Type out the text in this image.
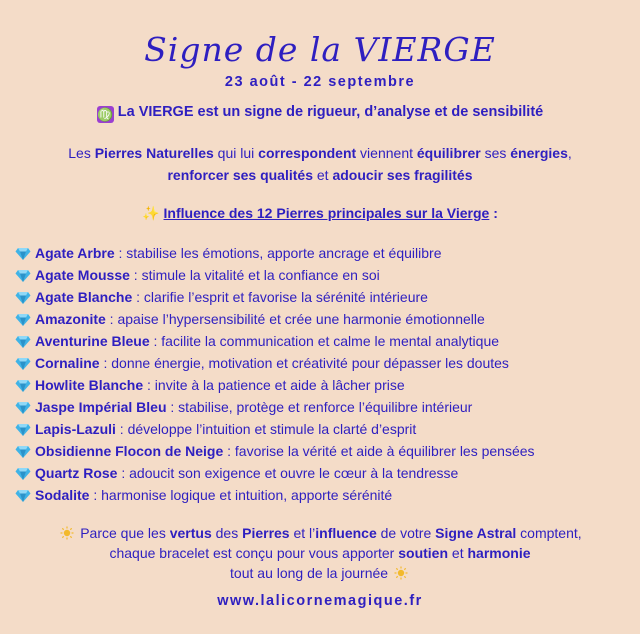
Signe de la VIERGE
23 août - 22 septembre
♍ La VIERGE est un signe de rigueur, d’analyse et de sensibilité
Les Pierres Naturelles qui lui correspondent viennent équilibrer ses énergies,
renforcer ses qualités et adoucir ses fragilités
✨ Influence des 12 Pierres principales sur la Vierge :
Agate Arbre : stabilise les émotions, apporte ancrage et équilibre
Agate Mousse : stimule la vitalité et la confiance en soi
Agate Blanche : clarifie l’esprit et favorise la sérénité intérieure
Amazonite : apaise l’hypersensibilité et crée une harmonie émotionnelle
Aventurine Bleue : facilite la communication et calme le mental analytique
Cornaline : donne énergie, motivation et créativité pour dépasser les doutes
Howlite Blanche : invite à la patience et aide à lâcher prise
Jaspe Impérial Bleu : stabilise, protège et renforce l’équilibre intérieur
Lapis-Lazuli : développe l’intuition et stimule la clarté d’esprit
Obsidienne Flocon de Neige : favorise la vérité et aide à équilibrer les pensées
Quartz Rose : adoucit son exigence et ouvre le cœur à la tendresse
Sodalite : harmonise logique et intuition, apporte sérénité
Parce que les vertus des Pierres et l’influence de votre Signe Astral comptent,
chaque bracelet est conçu pour vous apporter soutien et harmonie
tout au long de la journée
www.lalicornemagique.fr
